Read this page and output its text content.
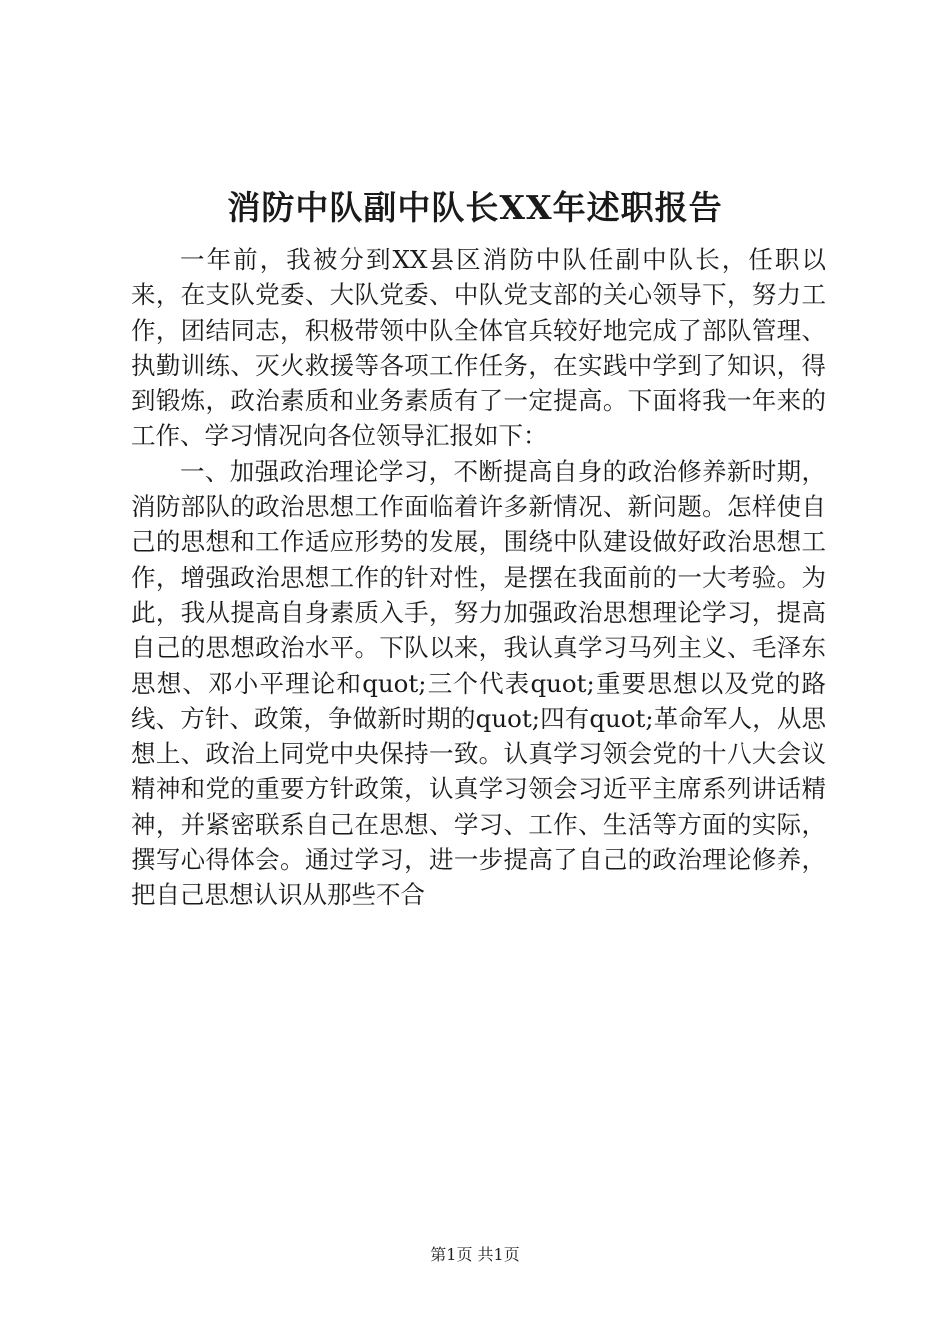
消防中队副中队长XX年述职报告

一年前，我被分到XX县区消防中队任副中队长，任职以来，在支队党委、大队党委、中队党支部的关心领导下，努力工作，团结同志，积极带领中队全体官兵较好地完成了部队管理、执勤训练、灭火救援等各项工作任务，在实践中学到了知识，得到锻炼，政治素质和业务素质有了一定提高。下面将我一年来的工作、学习情况向各位领导汇报如下：

一、加强政治理论学习，不断提高自身的政治修养新时期，消防部队的政治思想工作面临着许多新情况、新问题。怎样使自己的思想和工作适应形势的发展，围绕中队建设做好政治思想工作，增强政治思想工作的针对性，是摆在我面前的一大考验。为此，我从提高自身素质入手，努力加强政治思想理论学习，提高自己的思想政治水平。下队以来，我认真学习马列主义、毛泽东思想、邓小平理论和quot;三个代表quot;重要思想以及党的路线、方针、政策，争做新时期的quot;四有quot;革命军人，从思想上、政治上同党中央保持一致。认真学习领会党的十八大会议精神和党的重要方针政策，认真学习领会习近平主席系列讲话精神，并紧密联系自己在思想、学习、工作、生活等方面的实际，撰写心得体会。通过学习，进一步提高了自己的政治理论修养，把自己思想认识从那些不合

第1页 共1页
